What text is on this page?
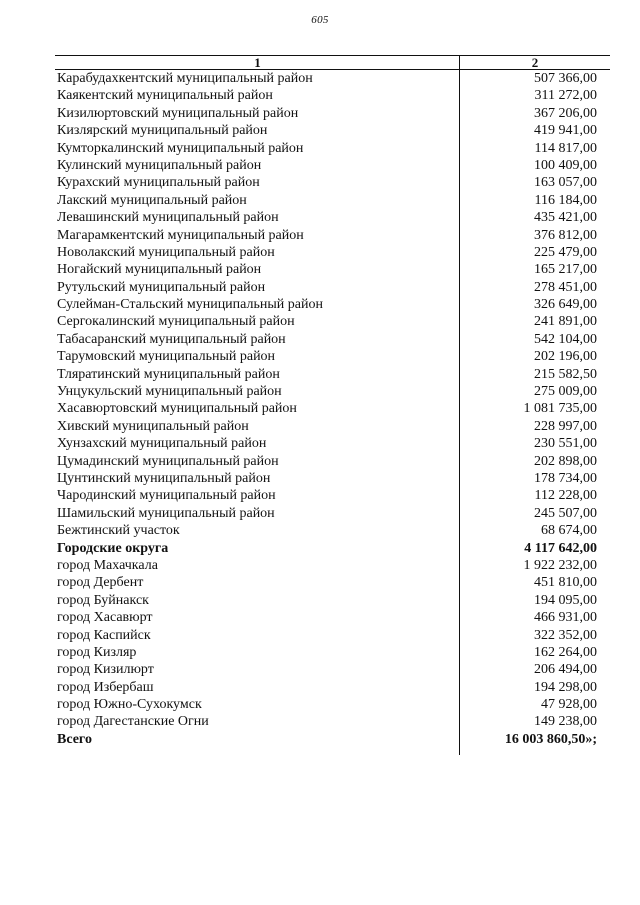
605
1	2
Карабудахкентский муниципальный район	507 366,00
Каякентский муниципальный район	311 272,00
Кизилюртовский муниципальный район	367 206,00
Кизлярский муниципальный район	419 941,00
Кумторкалинский муниципальный район	114 817,00
Кулинский муниципальный район	100 409,00
Курахский муниципальный район	163 057,00
Лакский муниципальный район	116 184,00
Левашинский муниципальный район	435 421,00
Магарамкентский муниципальный район	376 812,00
Новолакский муниципальный район	225 479,00
Ногайский муниципальный район	165 217,00
Рутульский муниципальный район	278 451,00
Сулейман-Стальский муниципальный район	326 649,00
Сергокалинский муниципальный район	241 891,00
Табасаранский муниципальный район	542 104,00
Тарумовский муниципальный район	202 196,00
Тляратинский муниципальный район	215 582,50
Унцукульский муниципальный район	275 009,00
Хасавюртовский муниципальный район	1 081 735,00
Хивский муниципальный район	228 997,00
Хунзахский муниципальный район	230 551,00
Цумадинский муниципальный район	202 898,00
Цунтинский муниципальный район	178 734,00
Чародинский муниципальный район	112 228,00
Шамильский муниципальный район	245 507,00
Бежтинский участок	68 674,00
Городские округа	4 117 642,00
город Махачкала	1 922 232,00
город Дербент	451 810,00
город Буйнакск	194 095,00
город Хасавюрт	466 931,00
город Каспийск	322 352,00
город Кизляр	162 264,00
город Кизилюрт	206 494,00
город Избербаш	194 298,00
город Южно-Сухокумск	47 928,00
город Дагестанские Огни	149 238,00
Всего	16 003 860,50»;
